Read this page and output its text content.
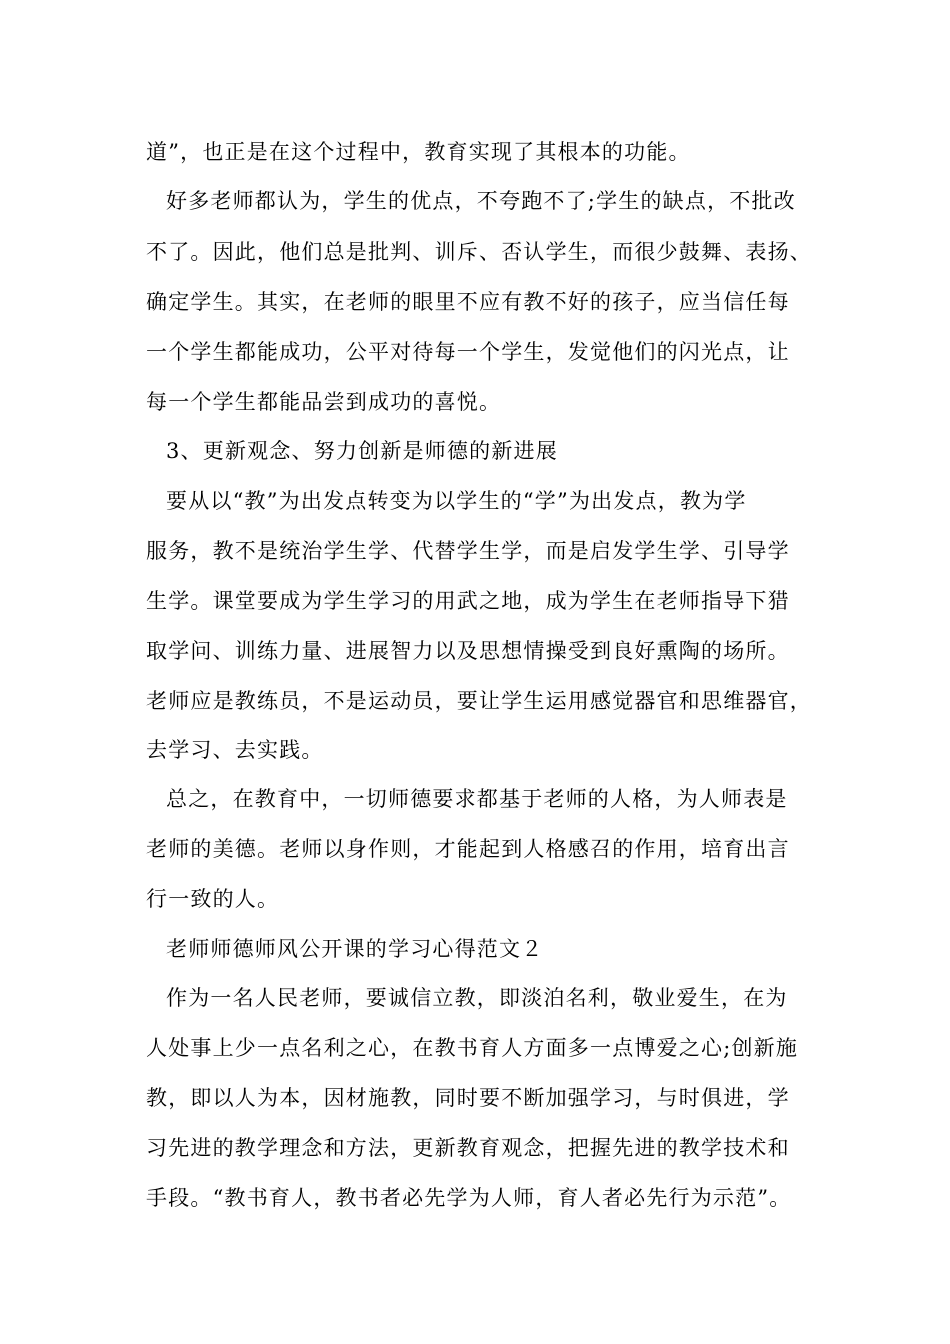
道”，也正是在这个过程中，教育实现了其根本的功能。
好多老师都认为，学生的优点，不夸跑不了;学生的缺点，不批改
不了。因此，他们总是批判、训斥、否认学生，而很少鼓舞、表扬、
确定学生。其实，在老师的眼里不应有教不好的孩子，应当信任每
一个学生都能成功，公平对待每一个学生，发觉他们的闪光点，让
每一个学生都能品尝到成功的喜悦。
3、更新观念、努力创新是师德的新进展
要从以“教”为出发点转变为以学生的“学”为出发点，教为学
服务，教不是统治学生学、代替学生学，而是启发学生学、引导学
生学。课堂要成为学生学习的用武之地，成为学生在老师指导下猎
取学问、训练力量、进展智力以及思想情操受到良好熏陶的场所。
老师应是教练员，不是运动员，要让学生运用感觉器官和思维器官，
去学习、去实践。
总之，在教育中，一切师德要求都基于老师的人格，为人师表是
老师的美德。老师以身作则，才能起到人格感召的作用，培育出言
行一致的人。
老师师德师风公开课的学习心得范文２
作为一名人民老师，要诚信立教，即淡泊名利，敬业爱生，在为
人处事上少一点名利之心，在教书育人方面多一点博爱之心;创新施
教，即以人为本，因材施教，同时要不断加强学习，与时俱进，学
习先进的教学理念和方法，更新教育观念，把握先进的教学技术和
手段。“教书育人，教书者必先学为人师，育人者必先行为示范”。
